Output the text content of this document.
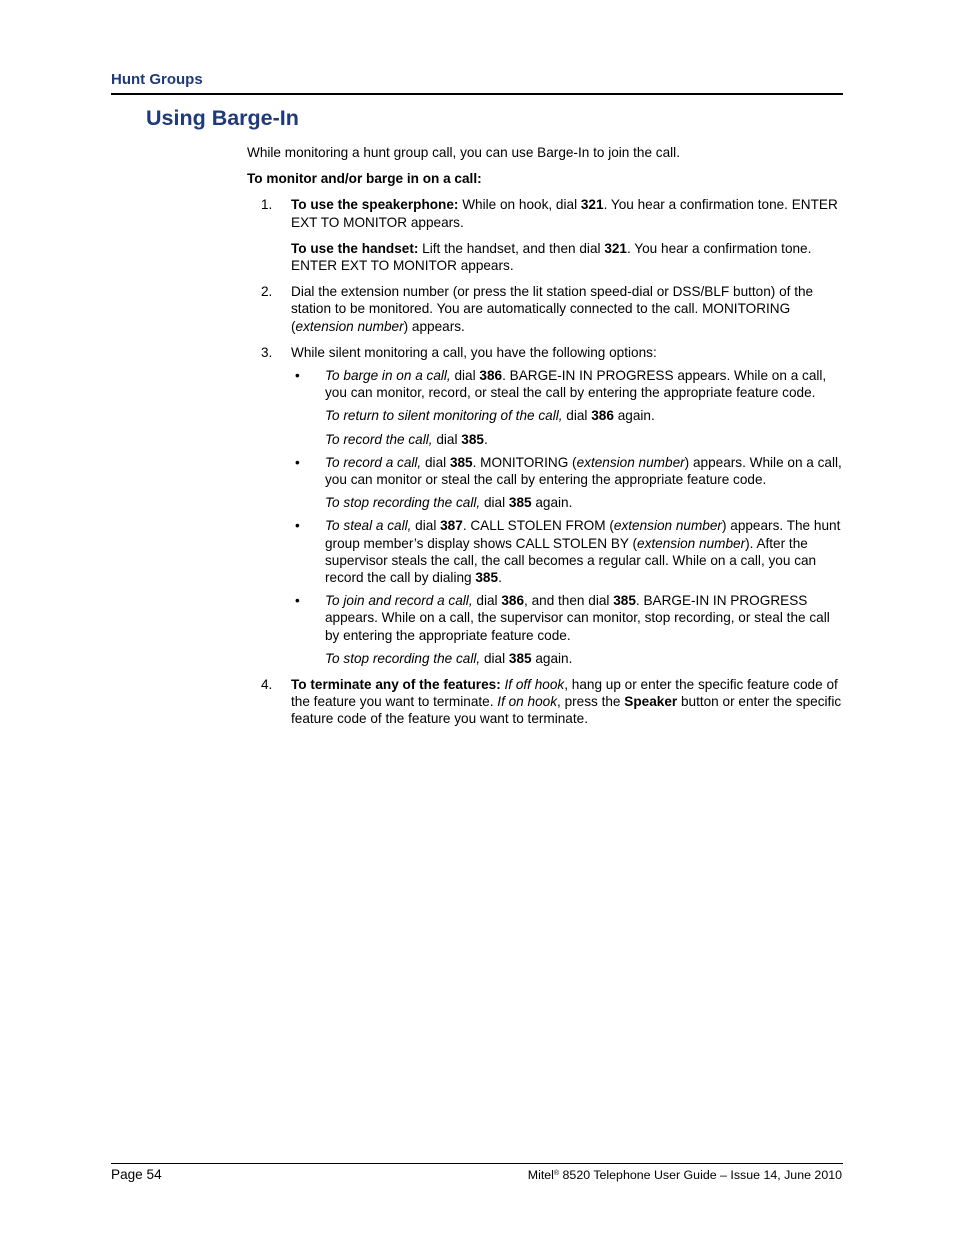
Hunt Groups
Using Barge-In

While monitoring a hunt group call, you can use Barge-In to join the call.

To monitor and/or barge in on a call:

1. To use the speakerphone: While on hook, dial 321. You hear a confirmation tone. ENTER EXT TO MONITOR appears.
To use the handset: Lift the handset, and then dial 321. You hear a confirmation tone. ENTER EXT TO MONITOR appears.
2. Dial the extension number (or press the lit station speed-dial or DSS/BLF button) of the station to be monitored. You are automatically connected to the call. MONITORING (extension number) appears.
3. While silent monitoring a call, you have the following options:
• To barge in on a call, dial 386. BARGE-IN IN PROGRESS appears. While on a call, you can monitor, record, or steal the call by entering the appropriate feature code.
To return to silent monitoring of the call, dial 386 again.
To record the call, dial 385.
• To record a call, dial 385. MONITORING (extension number) appears. While on a call, you can monitor or steal the call by entering the appropriate feature code.
To stop recording the call, dial 385 again.
• To steal a call, dial 387. CALL STOLEN FROM (extension number) appears. The hunt group member’s display shows CALL STOLEN BY (extension number). After the supervisor steals the call, the call becomes a regular call. While on a call, you can record the call by dialing 385.
• To join and record a call, dial 386, and then dial 385. BARGE-IN IN PROGRESS appears. While on a call, the supervisor can monitor, stop recording, or steal the call by entering the appropriate feature code.
To stop recording the call, dial 385 again.
4. To terminate any of the features: If off hook, hang up or enter the specific feature code of the feature you want to terminate. If on hook, press the Speaker button or enter the specific feature code of the feature you want to terminate.
Page 54	Mitel® 8520 Telephone User Guide – Issue 14, June 2010
